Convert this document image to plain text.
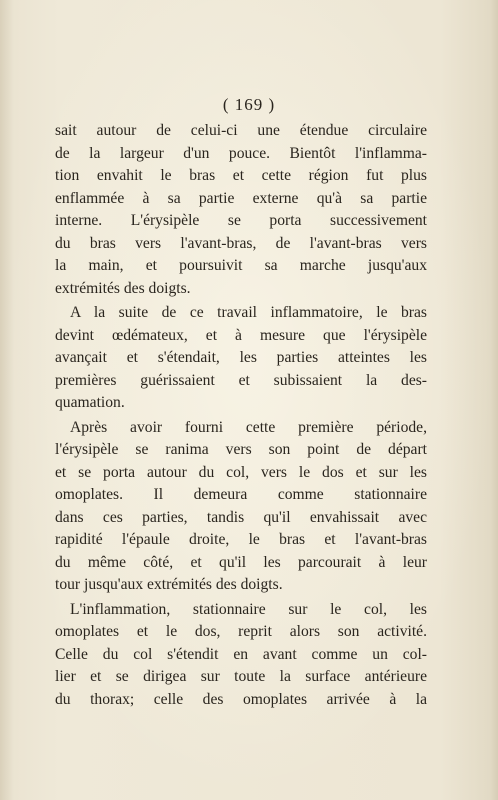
( 169 )

sait autour de celui-ci une étendue circulaire
de la largeur d'un pouce. Bientôt l'inflamma-
tion envahit le bras et cette région fut plus
enflammée à sa partie externe qu'à sa partie
interne. L'érysipèle se porta successivement
du bras vers l'avant-bras, de l'avant-bras vers
la main, et poursuivit sa marche jusqu'aux
extrémités des doigts.

A la suite de ce travail inflammatoire, le bras
devint œdémateux, et à mesure que l'érysipèle
avançait et s'étendait, les parties atteintes les
premières guérissaient et subissaient la des-
quamation.

Après avoir fourni cette première période,
l'érysipèle se ranima vers son point de départ
et se porta autour du col, vers le dos et sur les
omoplates. Il demeura comme stationnaire
dans ces parties, tandis qu'il envahissait avec
rapidité l'épaule droite, le bras et l'avant-bras
du même côté, et qu'il les parcourait à leur
tour jusqu'aux extrémités des doigts.

L'inflammation, stationnaire sur le col, les
omoplates et le dos, reprit alors son activité.
Celle du col s'étendit en avant comme un col-
lier et se dirigea sur toute la surface antérieure
du thorax; celle des omoplates arrivée à la
